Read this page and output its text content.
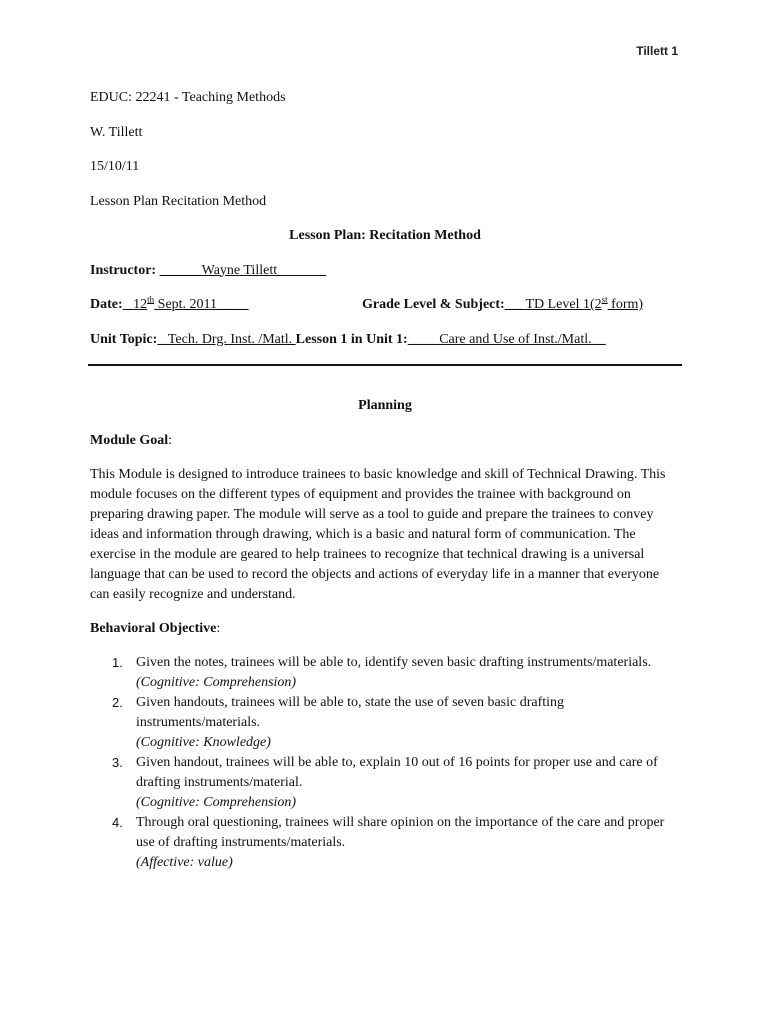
Tillett 1
EDUC: 22241 - Teaching Methods
W. Tillett
15/10/11
Lesson Plan Recitation Method
Lesson Plan: Recitation Method
Instructor: ______Wayne Tillett_______
Date: _12th Sept. 2011___ _	Grade Level & Subject: __ TD Level 1(2st form)
Unit Topic: _Tech. Drg. Inst. /Matl. Lesson 1 in Unit 1: ____Care and Use of Inst./Matl.__
Planning
Module Goal:
This Module is designed to introduce trainees to basic knowledge and skill of Technical Drawing. This module focuses on the different types of equipment and provides the trainee with background on preparing drawing paper. The module will serve as a tool to guide and prepare the trainees to convey ideas and information through drawing, which is a basic and natural form of communication. The exercise in the module are geared to help trainees to recognize that technical drawing is a universal language that can be used to record the objects and actions of everyday life in a manner that everyone can easily recognize and understand.
Behavioral Objective:
1. Given the notes, trainees will be able to, identify seven basic drafting instruments/materials.
(Cognitive: Comprehension)
2. Given handouts, trainees will be able to, state the use of seven basic drafting instruments/materials.
(Cognitive: Knowledge)
3. Given handout, trainees will be able to, explain 10 out of 16 points for proper use and care of drafting instruments/material.
(Cognitive: Comprehension)
4. Through oral questioning, trainees will share opinion on the importance of the care and proper use of drafting instruments/materials.
(Affective: value)
